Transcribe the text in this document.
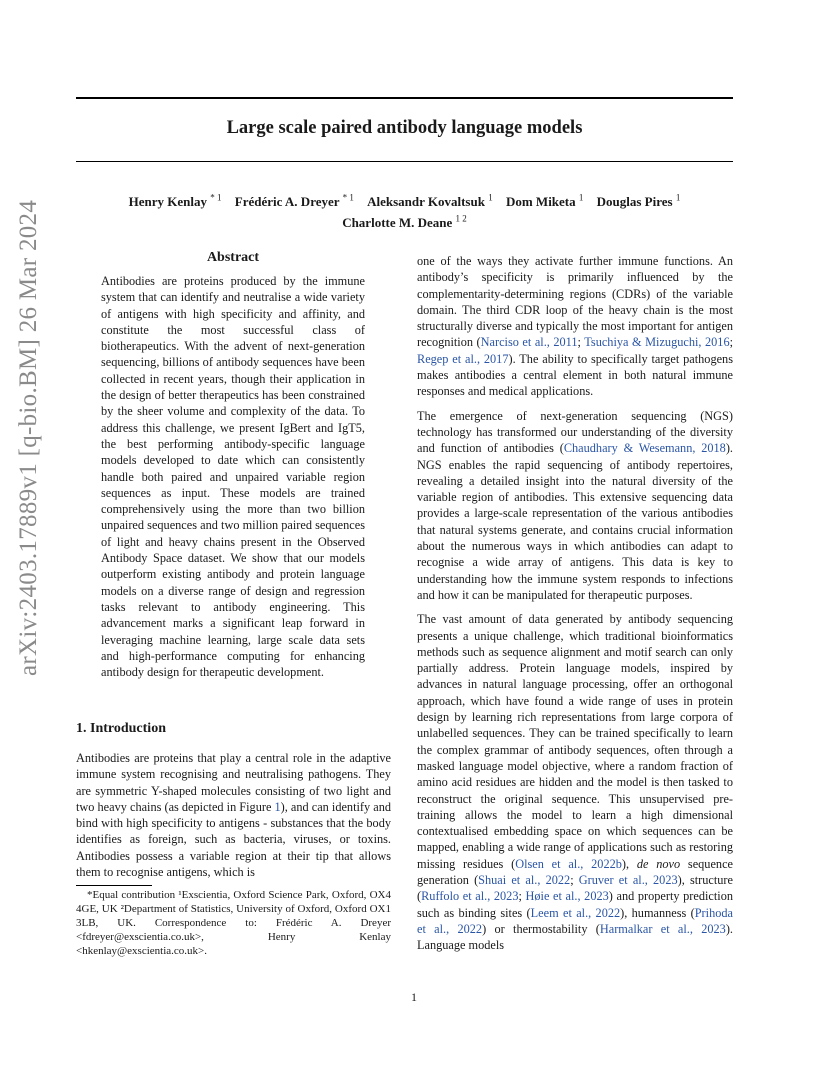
arXiv:2403.17889v1 [q-bio.BM] 26 Mar 2024
Large scale paired antibody language models
Henry Kenlay $^{* 1}$ Frédéric A. Dreyer $^{* 1}$ Aleksandr Kovaltsuk $^1$ Dom Miketa $^1$ Douglas Pires $^1$
Charlotte M. Deane $^{1 2}$
Abstract

Antibodies are proteins produced by the immune system that can identify and neutralise a wide variety of antigens with high specificity and affinity, and constitute the most successful class of biotherapeutics. With the advent of next-generation sequencing, billions of antibody sequences have been collected in recent years, though their application in the design of better therapeutics has been constrained by the sheer volume and complexity of the data. To address this challenge, we present IgBert and IgT5, the best performing antibody-specific language models developed to date which can consistently handle both paired and unpaired variable region sequences as input. These models are trained comprehensively using the more than two billion unpaired sequences and two million paired sequences of light and heavy chains present in the Observed Antibody Space dataset. We show that our models outperform existing antibody and protein language models on a diverse range of design and regression tasks relevant to antibody engineering. This advancement marks a significant leap forward in leveraging machine learning, large scale data sets and high-performance computing for enhancing antibody design for therapeutic development.

1. Introduction

Antibodies are proteins that play a central role in the adaptive immune system recognising and neutralising pathogens. They are symmetric Y-shaped molecules consisting of two light and two heavy chains (as depicted in Figure 1), and can identify and bind with high specificity to antigens - substances that the body identifies as foreign, such as bacteria, viruses, or toxins. Antibodies possess a variable region at their tip that allows them to recognise antigens, which is

*Equal contribution ¹Exscientia, Oxford Science Park, Oxford, OX4 4GE, UK ²Department of Statistics, University of Oxford, Oxford OX1 3LB, UK. Correspondence to: Frédéric A. Dreyer <fdreyer@exscientia.co.uk>, Henry Kenlay <hkenlay@exscientia.co.uk>.

one of the ways they activate further immune functions. An antibody’s specificity is primarily influenced by the complementarity-determining regions (CDRs) of the variable domain. The third CDR loop of the heavy chain is the most structurally diverse and typically the most important for antigen recognition (Narciso et al., 2011; Tsuchiya & Mizuguchi, 2016; Regep et al., 2017). The ability to specifically target pathogens makes antibodies a central element in both natural immune responses and medical applications.

The emergence of next-generation sequencing (NGS) technology has transformed our understanding of the diversity and function of antibodies (Chaudhary & Wesemann, 2018). NGS enables the rapid sequencing of antibody repertoires, revealing a detailed insight into the natural diversity of the variable region of antibodies. This extensive sequencing data provides a large-scale representation of the various antibodies that natural systems generate, and contains crucial information about the numerous ways in which antibodies can adapt to recognise a wide array of antigens. This data is key to understanding how the immune system responds to infections and how it can be manipulated for therapeutic purposes.

The vast amount of data generated by antibody sequencing presents a unique challenge, which traditional bioinformatics methods such as sequence alignment and motif search can only partially address. Protein language models, inspired by advances in natural language processing, offer an orthogonal approach, which have found a wide range of uses in protein design by learning rich representations from large corpora of unlabelled sequences. They can be trained specifically to learn the complex grammar of antibody sequences, often through a masked language model objective, where a random fraction of amino acid residues are hidden and the model is then tasked to reconstruct the original sequence. This unsupervised pre-training allows the model to learn a high dimensional contextualised embedding space on which sequences can be mapped, enabling a wide range of applications such as restoring missing residues (Olsen et al., 2022b), de novo sequence generation (Shuai et al., 2022; Gruver et al., 2023), structure (Ruffolo et al., 2023; Høie et al., 2023) and property prediction such as binding sites (Leem et al., 2022), humanness (Prihoda et al., 2022) or thermostability (Harmalkar et al., 2023). Language models

1
